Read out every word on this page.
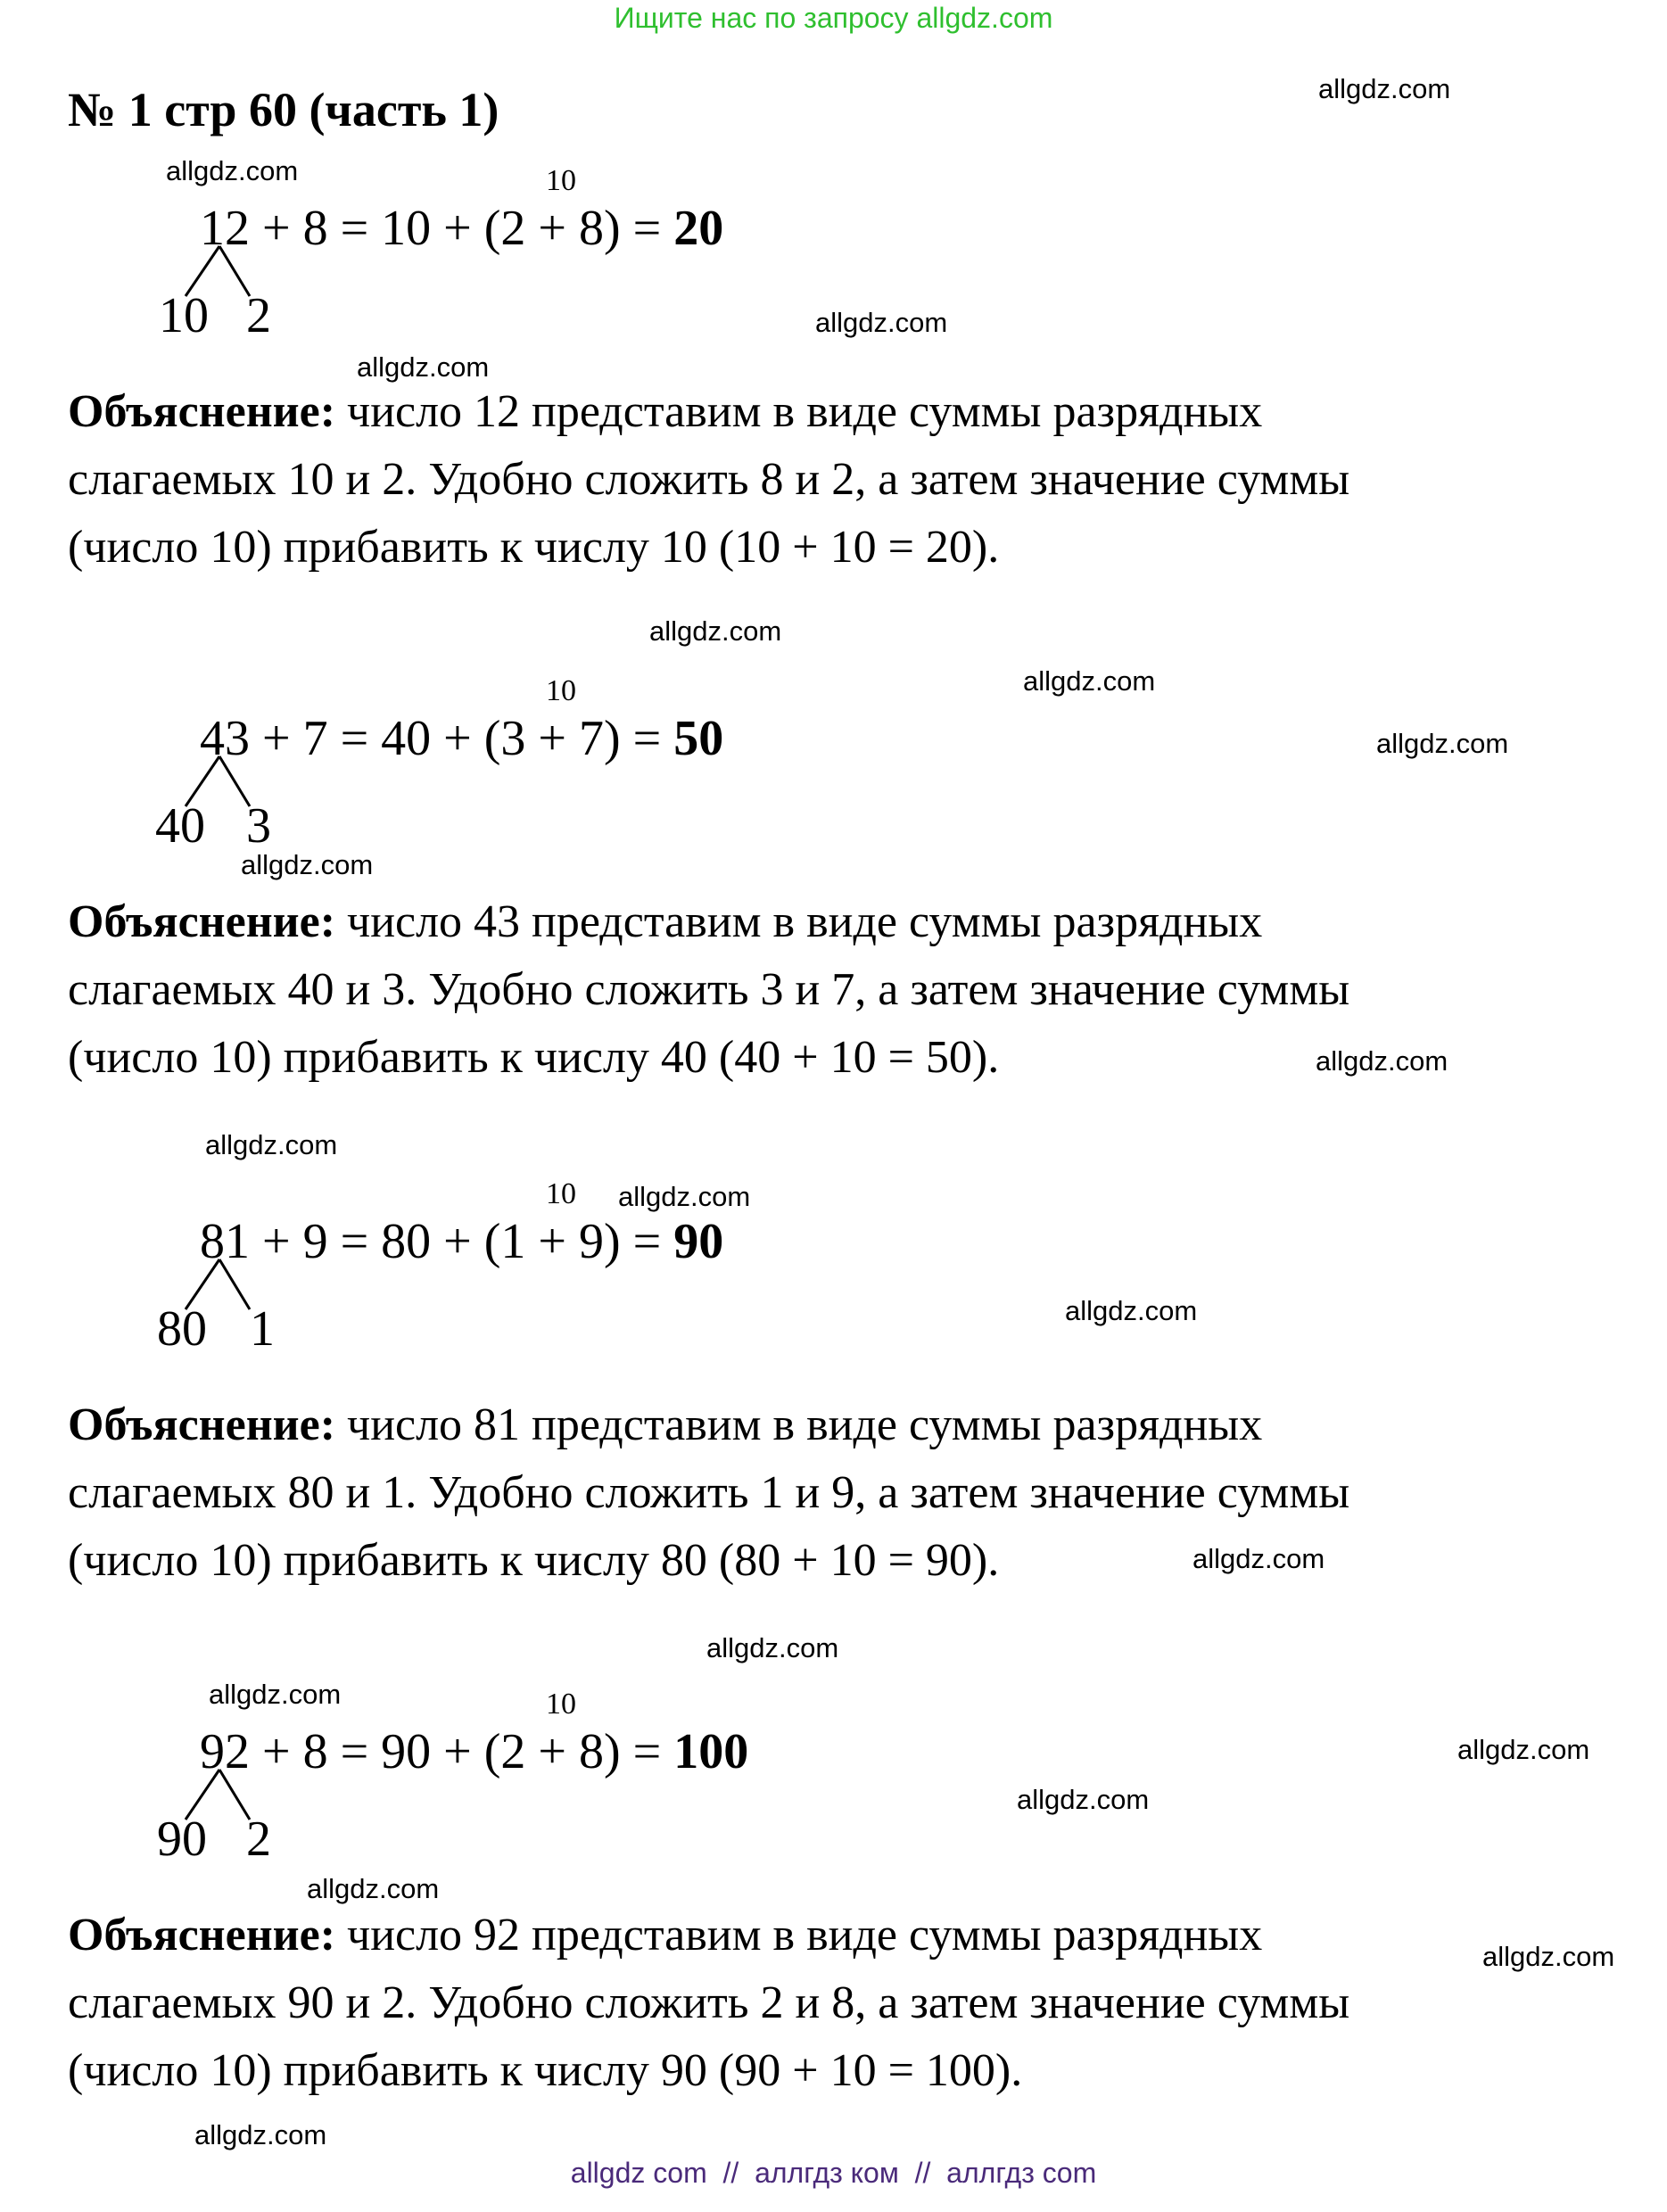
Ищите нас по запросу allgdz.com
№ 1 стр 60 (часть 1)	allgdz.com
allgdz.com
allgdz.com
allgdz.com
allgdz.com
allgdz.com
allgdz.com
allgdz.com
allgdz.com
allgdz.com
allgdz.com
allgdz.com
allgdz.com
allgdz.com
allgdz.com
allgdz.com
allgdz.com
allgdz.com
allgdz.com
allgdz.com
10
12 + 8 = 10 + (2 + 8) = 20
10 2
Объяснение: число 12 представим в виде суммы разрядных
слагаемых 10 и 2. Удобно сложить 8 и 2, а затем значение суммы
(число 10) прибавить к числу 10 (10 + 10 = 20).
10
43 + 7 = 40 + (3 + 7) = 50
40 3
Объяснение: число 43 представим в виде суммы разрядных
слагаемых 40 и 3. Удобно сложить 3 и 7, а затем значение суммы
(число 10) прибавить к числу 40 (40 + 10 = 50).
10
81 + 9 = 80 + (1 + 9) = 90
80 1
Объяснение: число 81 представим в виде суммы разрядных
слагаемых 80 и 1. Удобно сложить 1 и 9, а затем значение суммы
(число 10) прибавить к числу 80 (80 + 10 = 90).
10
92 + 8 = 90 + (2 + 8) = 100
90 2
Объяснение: число 92 представим в виде суммы разрядных
слагаемых 90 и 2. Удобно сложить 2 и 8, а затем значение суммы
(число 10) прибавить к числу 90 (90 + 10 = 100).
allgdz com // аллгдз ком // аллгдз com
